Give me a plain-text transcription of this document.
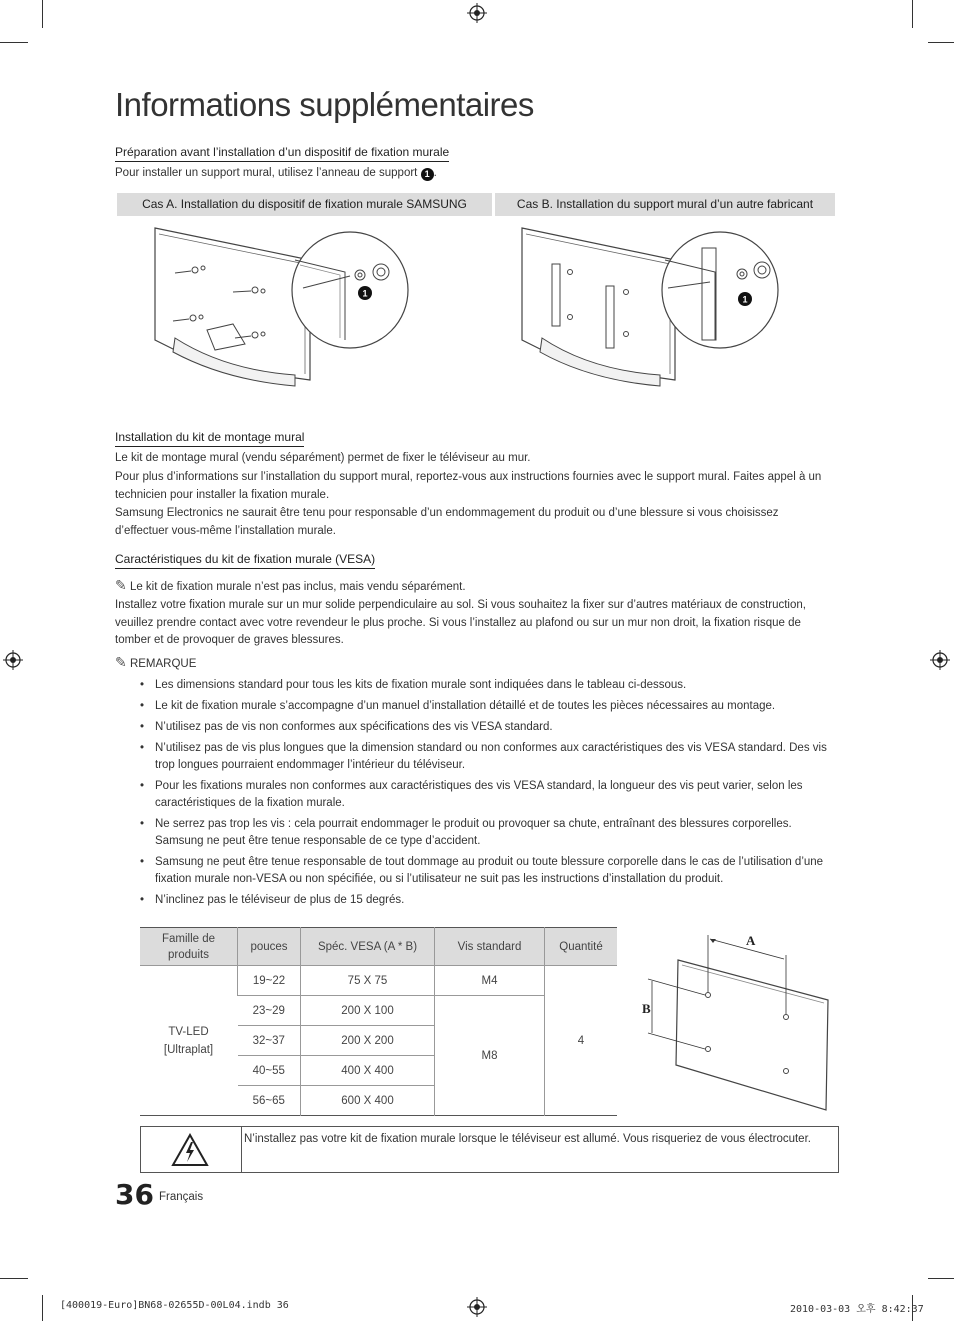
Informations supplémentaires
Préparation avant l’installation d’un dispositif de fixation murale
Pour installer un support mural, utilisez l’anneau de support 1 .
Cas A. Installation du dispositif de fixation murale SAMSUNG	Cas B. Installation du support mural d’un autre fabricant
1
1
Installation du kit de montage mural
Le kit de montage mural (vendu séparément) permet de fixer le téléviseur au mur.
Pour plus d’informations sur l’installation du support mural, reportez-vous aux instructions fournies avec le support mural. Faites appel à un technicien pour installer la fixation murale.
Samsung Electronics ne saurait être tenu pour responsable d’un endommagement du produit ou d’une blessure si vous choisissez d’effectuer vous-même l’installation murale.
Caractéristiques du kit de fixation murale (VESA)
✎ Le kit de fixation murale n’est pas inclus, mais vendu séparément.
Installez votre fixation murale sur un mur solide perpendiculaire au sol. Si vous souhaitez la fixer sur d’autres matériaux de construction, veuillez prendre contact avec votre revendeur le plus proche. Si vous l’installez au plafond ou sur un mur non droit, la fixation risque de tomber et de provoquer de graves blessures.
✎ REMARQUE
• Les dimensions standard pour tous les kits de fixation murale sont indiquées dans le tableau ci-dessous.
• Le kit de fixation murale s’accompagne d’un manuel d’installation détaillé et de toutes les pièces nécessaires au montage.
• N’utilisez pas de vis non conformes aux spécifications des vis VESA standard.
• N’utilisez pas de vis plus longues que la dimension standard ou non conformes aux caractéristiques des vis VESA standard. Des vis trop longues pourraient endommager l’intérieur du téléviseur.
• Pour les fixations murales non conformes aux caractéristiques des vis VESA standard, la longueur des vis peut varier, selon les caractéristiques de la fixation murale.
• Ne serrez pas trop les vis : cela pourrait endommager le produit ou provoquer sa chute, entraînant des blessures corporelles. Samsung ne peut être tenue responsable de ce type d’accident.
• Samsung ne peut être tenue responsable de tout dommage au produit ou toute blessure corporelle dans le cas de l’utilisation d’une fixation murale non-VESA ou non spécifiée, ou si l’utilisateur ne suit pas les instructions d’installation du produit.
• N’inclinez pas le téléviseur de plus de 15 degrés.
Famille de produits	pouces	Spéc. VESA (A * B)	Vis standard	Quantité
TV-LED
[Ultraplat]	19~22	75 X 75	M4	4
	23~29	200 X 100	M8	
	32~37	200 X 200		
	40~55	400 X 400		
	56~65	600 X 400		
A
B
N’installez pas votre kit de fixation murale lorsque le téléviseur est allumé. Vous risqueriez de vous électrocuter.
36 Français
[400019-Euro]BN68-02655D-00L04.indb 36	2010-03-03 오후 8:42:37
